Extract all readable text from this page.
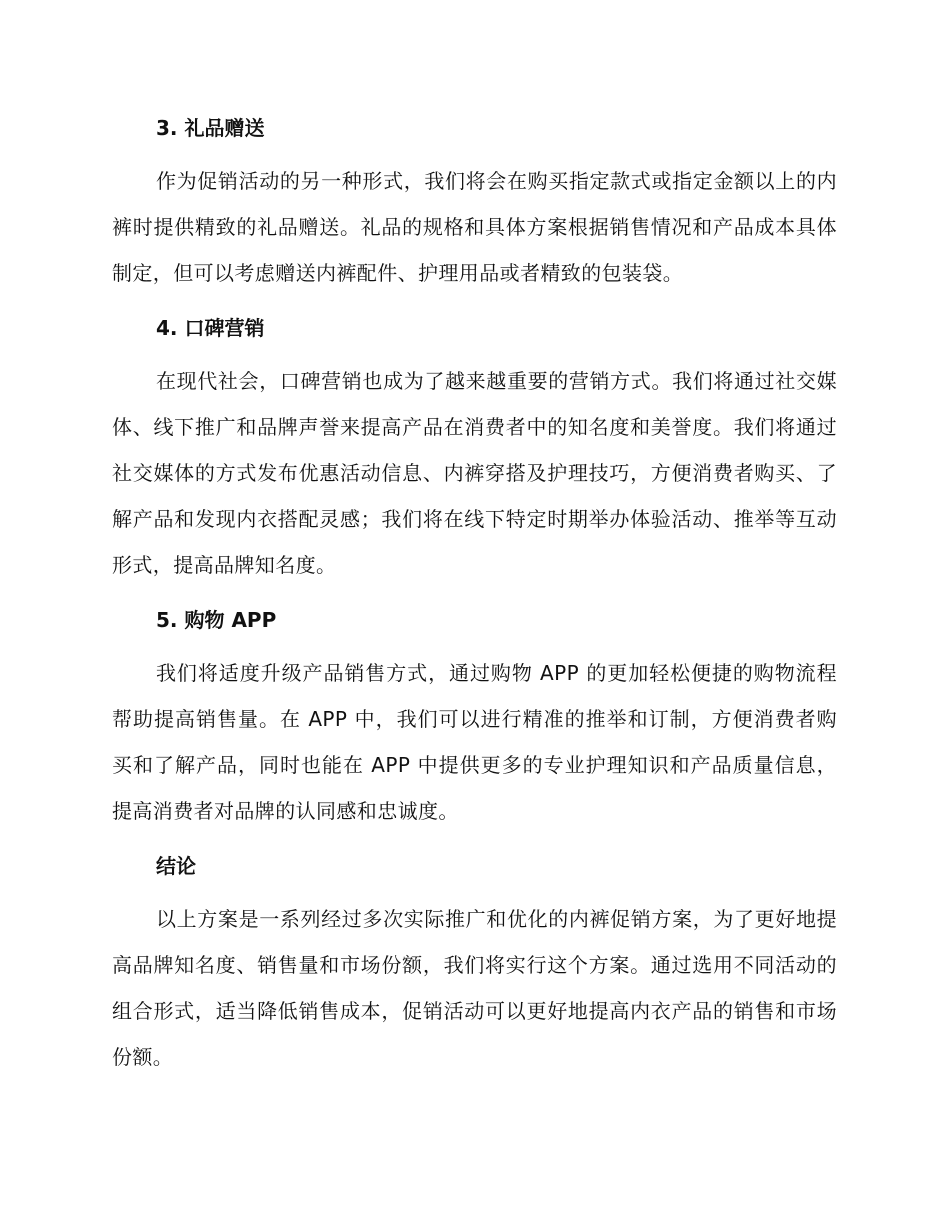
3. 礼品赠送

作为促销活动的另一种形式，我们将会在购买指定款式或指定金额以上的内裤时提供精致的礼品赠送。礼品的规格和具体方案根据销售情况和产品成本具体制定，但可以考虑赠送内裤配件、护理用品或者精致的包装袋。

4. 口碑营销

在现代社会，口碑营销也成为了越来越重要的营销方式。我们将通过社交媒体、线下推广和品牌声誉来提高产品在消费者中的知名度和美誉度。我们将通过社交媒体的方式发布优惠活动信息、内裤穿搭及护理技巧，方便消费者购买、了解产品和发现内衣搭配灵感；我们将在线下特定时期举办体验活动、推举等互动形式，提高品牌知名度。

5. 购物 APP

我们将适度升级产品销售方式，通过购物 APP 的更加轻松便捷的购物流程帮助提高销售量。在 APP 中，我们可以进行精准的推举和订制，方便消费者购买和了解产品，同时也能在 APP 中提供更多的专业护理知识和产品质量信息，提高消费者对品牌的认同感和忠诚度。

结论

以上方案是一系列经过多次实际推广和优化的内裤促销方案，为了更好地提高品牌知名度、销售量和市场份额，我们将实行这个方案。通过选用不同活动的组合形式，适当降低销售成本，促销活动可以更好地提高内衣产品的销售和市场份额。
